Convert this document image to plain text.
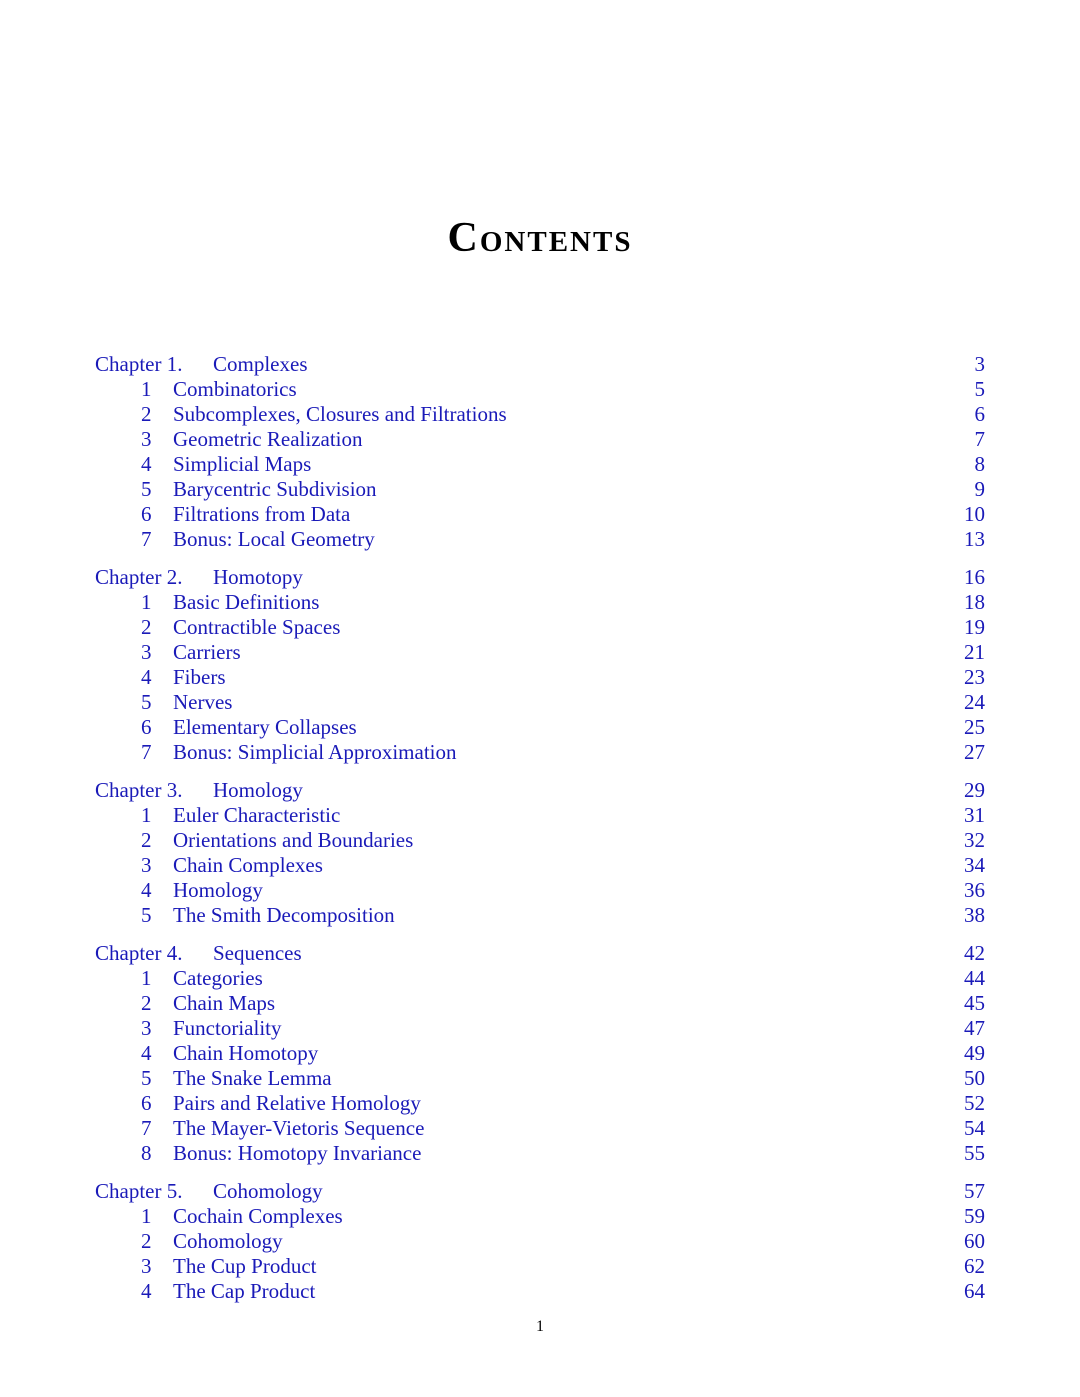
Contents
Chapter 1.	Complexes	3
1	Combinatorics	5
2	Subcomplexes, Closures and Filtrations	6
3	Geometric Realization	7
4	Simplicial Maps	8
5	Barycentric Subdivision	9
6	Filtrations from Data	10
7	Bonus: Local Geometry	13
Chapter 2.	Homotopy	16
1	Basic Definitions	18
2	Contractible Spaces	19
3	Carriers	21
4	Fibers	23
5	Nerves	24
6	Elementary Collapses	25
7	Bonus: Simplicial Approximation	27
Chapter 3.	Homology	29
1	Euler Characteristic	31
2	Orientations and Boundaries	32
3	Chain Complexes	34
4	Homology	36
5	The Smith Decomposition	38
Chapter 4.	Sequences	42
1	Categories	44
2	Chain Maps	45
3	Functoriality	47
4	Chain Homotopy	49
5	The Snake Lemma	50
6	Pairs and Relative Homology	52
7	The Mayer-Vietoris Sequence	54
8	Bonus: Homotopy Invariance	55
Chapter 5.	Cohomology	57
1	Cochain Complexes	59
2	Cohomology	60
3	The Cup Product	62
4	The Cap Product	64
1
